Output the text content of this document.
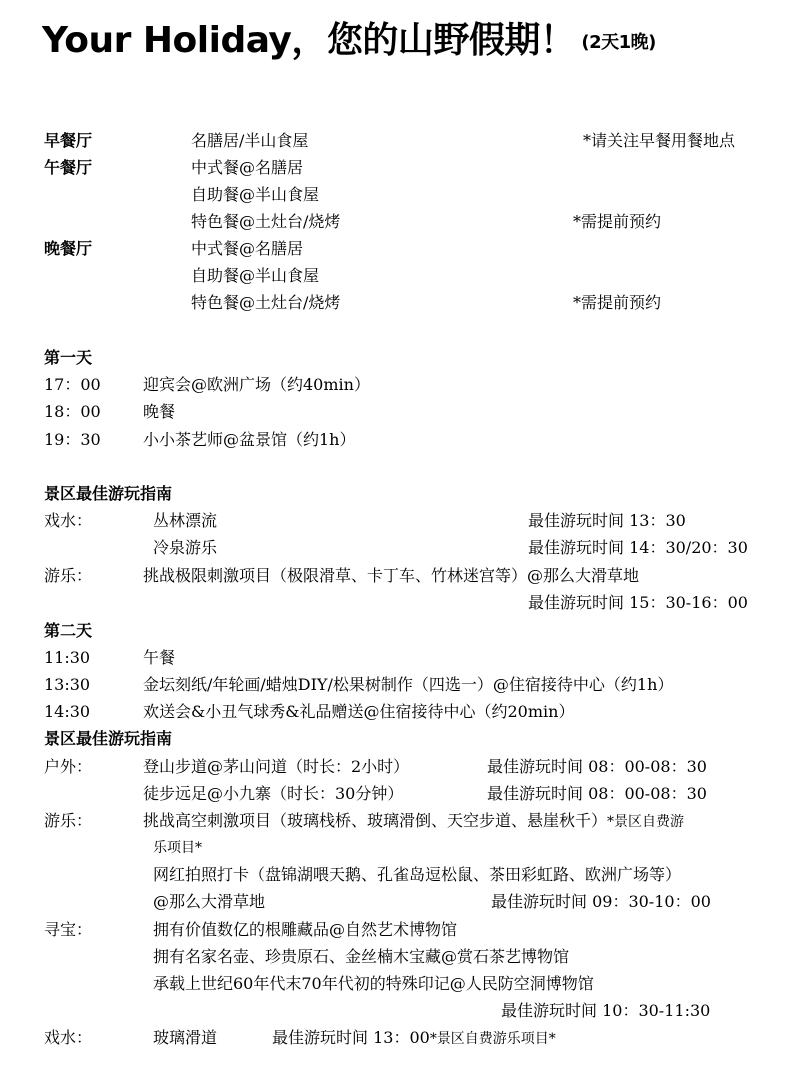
Your Holiday，您的山野假期！ $^{(2天1晚)}$
早餐厅	名膳居/半山食屋	*请关注早餐用餐地点
午餐厅	中式餐@名膳居
自助餐@半山食屋
特色餐@土灶台/烧烤	*需提前预约
晚餐厅	中式餐@名膳居
自助餐@半山食屋
特色餐@土灶台/烧烤	*需提前预约
第一天
17：00	迎宾会@欧洲广场（约40min）
18：00	晚餐
19：30	小小茶艺师@盆景馆（约1h）
景区最佳游玩指南
戏水：	丛林漂流	最佳游玩时间 13：30
冷泉游乐	最佳游玩时间 14：30/20：30
游乐：	挑战极限刺激项目（极限滑草、卡丁车、竹林迷宫等）@那么大滑草地
最佳游玩时间 15：30-16：00
第二天
11:30	午餐
13:30	金坛刻纸/年轮画/蜡烛DIY/松果树制作（四选一）@住宿接待中心（约1h）
14:30	欢送会&小丑气球秀&礼品赠送@住宿接待中心（约20min）
景区最佳游玩指南
户外：	登山步道@茅山问道（时长：2小时）	最佳游玩时间 08：00-08：30
徒步远足@小九寨（时长：30分钟）	最佳游玩时间 08：00-08：30
游乐：	挑战高空刺激项目（玻璃栈桥、玻璃滑倒、天空步道、悬崖秋千）*景区自费游
乐项目*
网红拍照打卡（盘锦湖喂天鹅、孔雀岛逗松鼠、茶田彩虹路、欧洲广场等）
@那么大滑草地	最佳游玩时间 09：30-10：00
寻宝：	拥有价值数亿的根雕藏品@自然艺术博物馆
拥有名家名壶、珍贵原石、金丝楠木宝藏@赏石茶艺博物馆
承载上世纪60年代末70年代初的特殊印记@人民防空洞博物馆
最佳游玩时间 10：30-11:30
戏水：	玻璃滑道	最佳游玩时间 13：00*景区自费游乐项目*
